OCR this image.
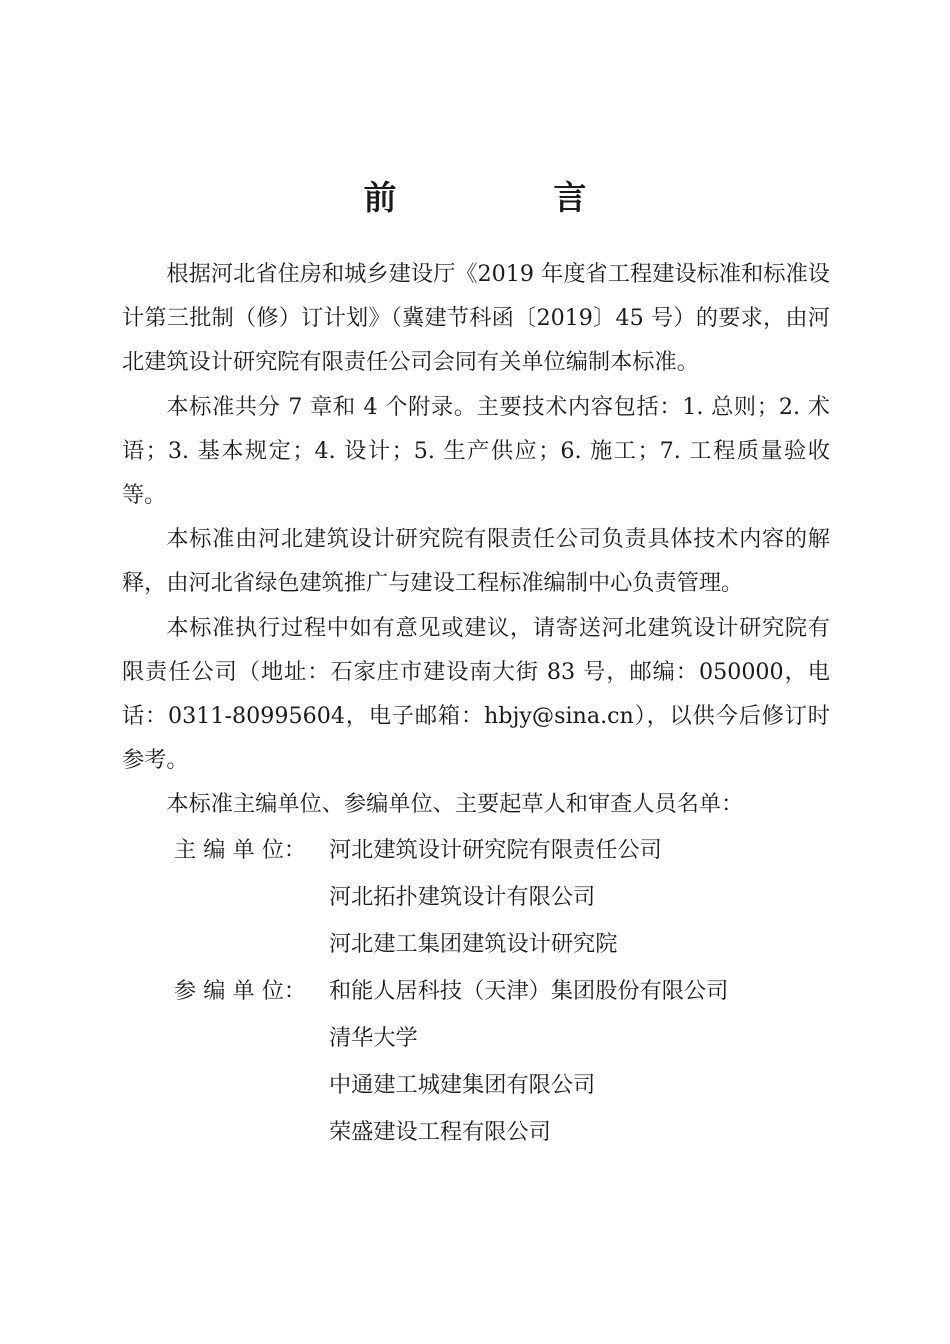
前　言

根据河北省住房和城乡建设厅《2019 年度省工程建设标准和标准设计第三批制（修）订计划》（冀建节科函〔2019〕45 号）的要求，由河北建筑设计研究院有限责任公司会同有关单位编制本标准。

本标准共分 7 章和 4 个附录。主要技术内容包括：1. 总则；2. 术语；3. 基本规定；4. 设计；5. 生产供应；6. 施工；7. 工程质量验收等。

本标准由河北建筑设计研究院有限责任公司负责具体技术内容的解释，由河北省绿色建筑推广与建设工程标准编制中心负责管理。

本标准执行过程中如有意见或建议，请寄送河北建筑设计研究院有限责任公司（地址：石家庄市建设南大街 83 号，邮编：050000，电话：0311-80995604，电子邮箱：hbjy@sina.cn），以供今后修订时参考。

本标准主编单位、参编单位、主要起草人和审查人员名单：

主 编 单 位：	河北建筑设计研究院有限责任公司
河北拓扑建筑设计有限公司
河北建工集团建筑设计研究院
参 编 单 位：	和能人居科技（天津）集团股份有限公司
清华大学
中通建工城建集团有限公司
荣盛建设工程有限公司
